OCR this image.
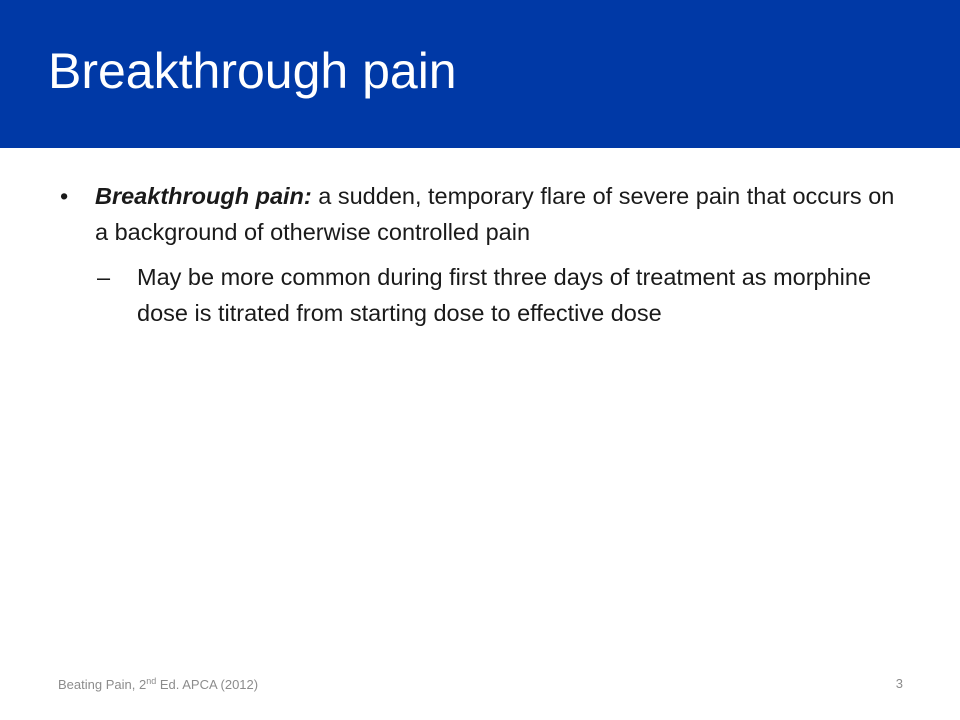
Breakthrough pain
• Breakthrough pain: a sudden, temporary flare of severe pain that occurs on a background of otherwise controlled pain
– May be more common during first three days of treatment as morphine dose is titrated from starting dose to effective dose
Beating Pain, 2nd Ed. APCA (2012)	3
